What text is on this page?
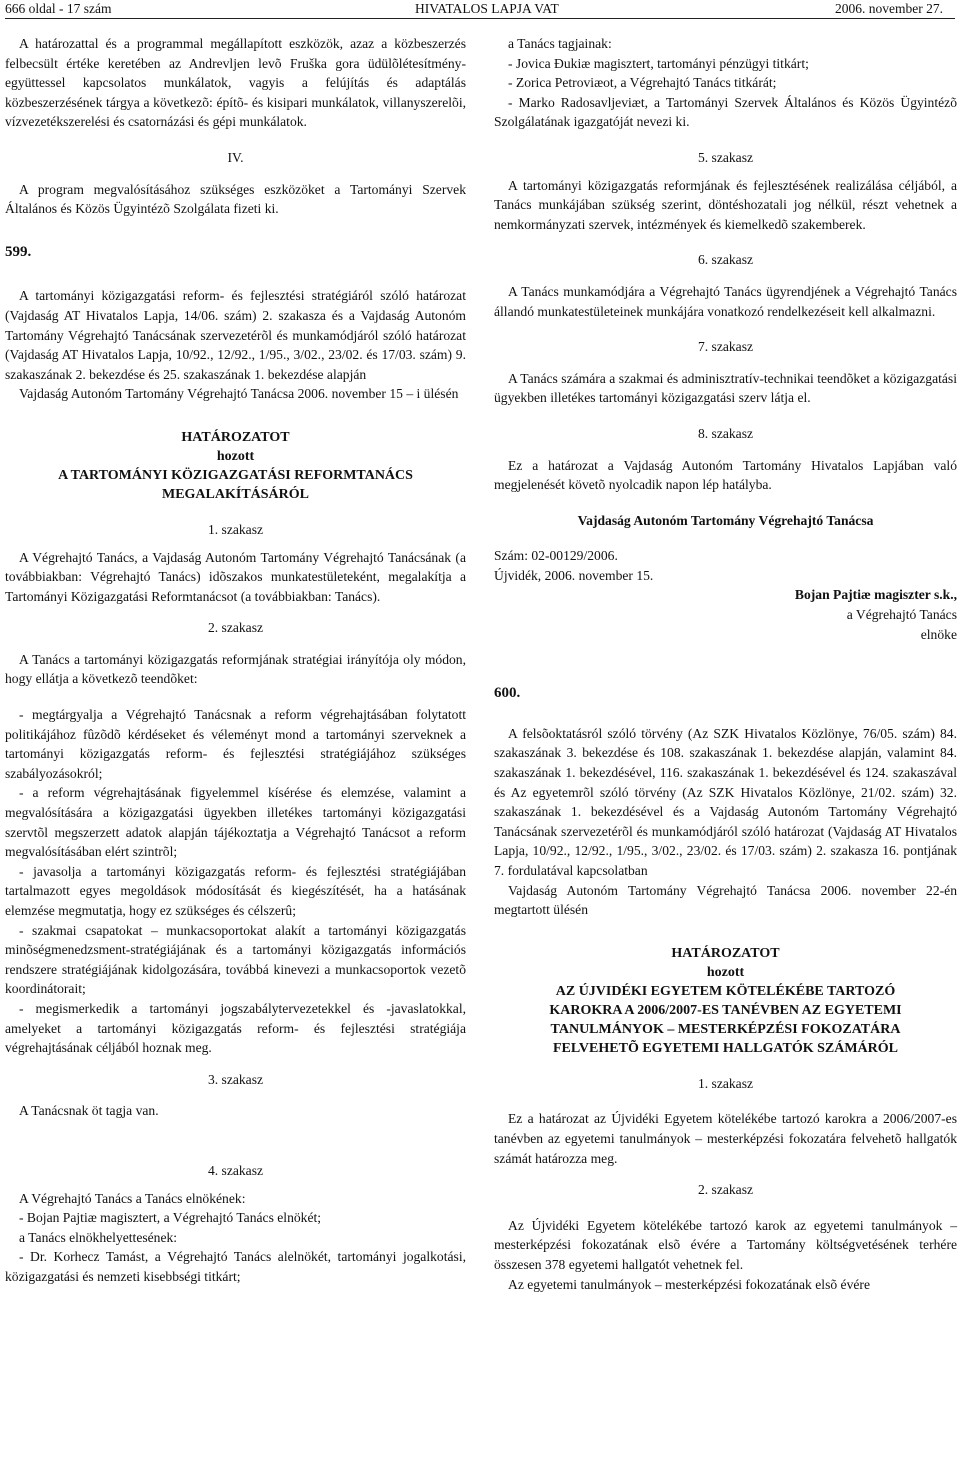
666 oldal - 17 szám	HIVATALOS LAPJA VAT	2006. november 27.

A határozattal és a programmal megállapított eszközök, azaz a közbeszerzés felbecsült értéke keretében az Andrevljen levõ Fruška gora üdülõlétesítmény-együttessel kapcsolatos munkálatok, vagyis a felújítás és adaptálás közbeszerzésének tárgya a következõ: építõ- és kisipari munkálatok, villanyszerelõi, vízvezetékszerelési és csatornázási és gépi munkálatok.

IV.

A program megvalósításához szükséges eszközöket a Tartományi Szervek Általános és Közös Ügyintézõ Szolgálata fizeti ki.

599.

A tartományi közigazgatási reform- és fejlesztési stratégiáról szóló határozat (Vajdaság AT Hivatalos Lapja, 14/06. szám) 2. szakasza és a Vajdaság Autonóm Tartomány Végrehajtó Tanácsának szervezetérõl és munkamódjáról szóló határozat (Vajdaság AT Hivatalos Lapja, 10/92., 12/92., 1/95., 3/02., 23/02. és 17/03. szám) 9. szakaszának 2. bekezdése és 25. szakaszának 1. bekezdése alapján

Vajdaság Autonóm Tartomány Végrehajtó Tanácsa 2006. november 15 – i ülésén

HATÁROZATOT

hozott

A TARTOMÁNYI KÖZIGAZGATÁSI REFORMTANÁCS

MEGALAKÍTÁSÁRÓL

1. szakasz

A Végrehajtó Tanács, a Vajdaság Autonóm Tartomány Végrehajtó Tanácsának (a továbbiakban: Végrehajtó Tanács) idõszakos munkatestületeként, megalakítja a Tartományi Közigazgatási Reformtanácsot (a továbbiakban: Tanács).

2. szakasz

A Tanács a tartományi közigazgatás reformjának stratégiai irányítója oly módon, hogy ellátja a következõ teendõket:

- megtárgyalja a Végrehajtó Tanácsnak a reform végrehajtásában folytatott politikájához fûzõdõ kérdéseket és véleményt mond a tartományi szerveknek a tartományi közigazgatás reform- és fejlesztési stratégiájához szükséges szabályozásokról;

- a reform végrehajtásának figyelemmel kísérése és elemzése, valamint a megvalósítására a közigazgatási ügyekben illetékes tartományi közigazgatási szervtõl megszerzett adatok alapján tájékoztatja a Végrehajtó Tanácsot a reform megvalósításában elért szintrõl;

- javasolja a tartományi közigazgatás reform- és fejlesztési stratégiájában tartalmazott egyes megoldások módosítását és kiegészítését, ha a hatásának elemzése megmutatja, hogy ez szükséges és célszerû;

- szakmai csapatokat – munkacsoportokat alakít a tartományi közigazgatás minõségmenedzsment-stratégiájának és a tartományi közigazgatás információs rendszere stratégiájának kidolgozására, továbbá kinevezi a munkacsoportok vezetõ koordinátorait;

- megismerkedik a tartományi jogszabálytervezetekkel és -javaslatokkal, amelyeket a tartományi közigazgatás reform- és fejlesztési stratégiája végrehajtásának céljából hoznak meg.

3. szakasz

A Tanácsnak öt tagja van.

4. szakasz

A Végrehajtó Tanács a Tanács elnökének:

- Bojan Pajtiæ magisztert, a Végrehajtó Tanács elnökét;

a Tanács elnökhelyettesének:

- Dr. Korhecz Tamást, a Végrehajtó Tanács alelnökét, tartományi jogalkotási, közigazgatási és nemzeti kisebbségi titkárt;

a Tanács tagjainak:

- Jovica Ðukiæ magisztert, tartományi pénzügyi titkárt;

- Zorica Petroviæot, a Végrehajtó Tanács titkárát;

- Marko Radosavljeviæt, a Tartományi Szervek Általános és Közös Ügyintézõ Szolgálatának igazgatóját nevezi ki.

5. szakasz

A tartományi közigazgatás reformjának és fejlesztésének realizálása céljából, a Tanács munkájában szükség szerint, döntéshozatali jog nélkül, részt vehetnek a nemkormányzati szervek, intézmények és kiemelkedõ szakemberek.

6. szakasz

A Tanács munkamódjára a Végrehajtó Tanács ügyrendjének a Végrehajtó Tanács állandó munkatestületeinek munkájára vonatkozó rendelkezéseit kell alkalmazni.

7. szakasz

A Tanács számára a szakmai és adminisztratív-technikai teendõket a közigazgatási ügyekben illetékes tartományi közigazgatási szerv látja el.

8. szakasz

Ez a határozat a Vajdaság Autonóm Tartomány Hivatalos Lapjában való megjelenését követõ nyolcadik napon lép hatályba.

Vajdaság Autonóm Tartomány Végrehajtó Tanácsa

Szám: 02-00129/2006.

Újvidék, 2006. november 15.

Bojan Pajtiæ magiszter s.k.,

a Végrehajtó Tanács

elnöke

600.

A felsõoktatásról szóló törvény (Az SZK Hivatalos Közlönye, 76/05. szám) 84. szakaszának 3. bekezdése és 108. szakaszának 1. bekezdése alapján, valamint 84. szakaszának 1. bekezdésével, 116. szakaszának 1. bekezdésével és 124. szakaszával és Az egyetemrõl szóló törvény (Az SZK Hivatalos Közlönye, 21/02. szám) 32. szakaszának 1. bekezdésével és a Vajdaság Autonóm Tartomány Végrehajtó Tanácsának szervezetérõl és munkamódjáról szóló határozat (Vajdaság AT Hivatalos Lapja, 10/92., 12/92., 1/95., 3/02., 23/02. és 17/03. szám) 2. szakasza 16. pontjának 7. fordulatával kapcsolatban

Vajdaság Autonóm Tartomány Végrehajtó Tanácsa 2006. november 22-én megtartott ülésén

HATÁROZATOT

hozott

AZ ÚJVIDÉKI EGYETEM KÖTELÉKÉBE TARTOZÓ

KAROKRA A 2006/2007-ES TANÉVBEN AZ EGYETEMI

TANULMÁNYOK – MESTERKÉPZÉSI FOKOZATÁRA

FELVEHETÕ EGYETEMI HALLGATÓK SZÁMÁRÓL

1. szakasz

Ez a határozat az Újvidéki Egyetem kötelékébe tartozó karokra a 2006/2007-es tanévben az egyetemi tanulmányok – mesterképzési fokozatára felvehetõ hallgatók számát határozza meg.

2. szakasz

Az Újvidéki Egyetem kötelékébe tartozó karok az egyetemi tanulmányok – mesterképzési fokozatának elsõ évére a Tartomány költségvetésének terhére összesen 378 egyetemi hallgatót vehetnek fel.

Az egyetemi tanulmányok – mesterképzési fokozatának elsõ évére
